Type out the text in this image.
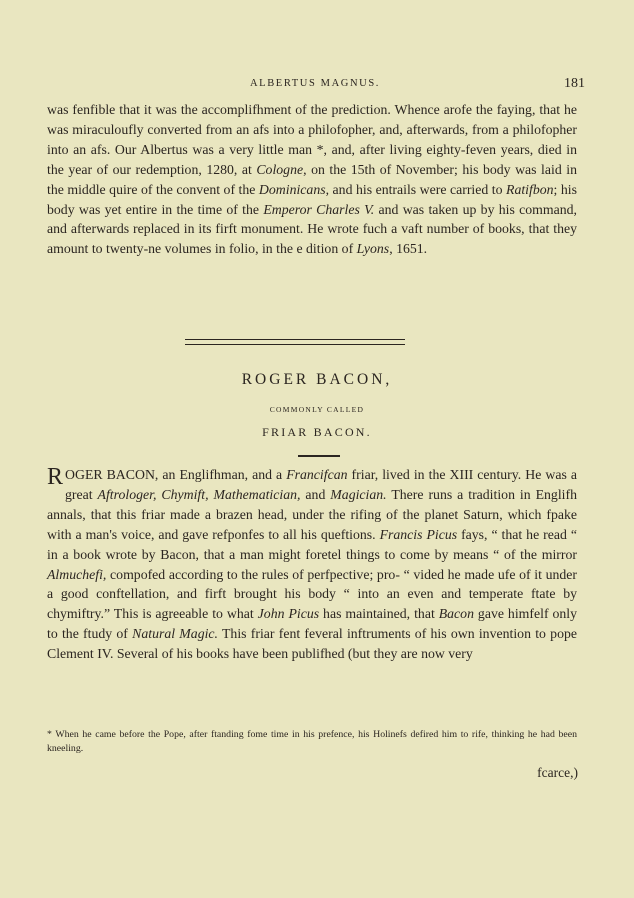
ALBERTUS MAGNUS.	181

was fenfible that it was the accomplifhment of the prediction. Whence arofe the faying, that he was miraculoufly converted from an afs into a philofopher, and, afterwards, from a philofopher into an afs. Our Albertus was a very little man *, and, after living eighty-feven years, died in the year of our redemption, 1280, at Cologne, on the 15th of November; his body was laid in the middle quire of the convent of the Dominicans, and his entrails were carried to Ratifbon; his body was yet entire in the time of the Emperor Charles V. and was taken up by his command, and afterwards replaced in its firft monument. He wrote fuch a vaft number of books, that they amount to twenty-ne volumes in folio, in the e dition of Lyons, 1651.

ROGER BACON,
COMMONLY CALLED
FRIAR BACON.

ROGER BACON, an Englifhman, and a Francifcan friar, lived in the XIII century. He was a great Aftrologer, Chymift, Mathematician, and Magician. There runs a tradition in Englifh annals, that this friar made a brazen head, under the rifing of the planet Saturn, which fpake with a man's voice, and gave refponfes to all his queftions. Francis Picus fays, “ that he read “ in a book wrote by Bacon, that a man might foretel things to come by means “ of the mirror Almuchefi, compofed according to the rules of perfpective; pro- “ vided he made ufe of it under a good conftellation, and firft brought his body “ into an even and temperate ftate by chymiftry.” This is agreeable to what John Picus has maintained, that Bacon gave himfelf only to the ftudy of Natural Magic. This friar fent feveral inftruments of his own invention to pope Clement IV. Several of his books have been publifhed (but they are now very

* When he came before the Pope, after ftanding fome time in his prefence, his Holinefs defired him to rife, thinking he had been kneeling.
fcarce,)
